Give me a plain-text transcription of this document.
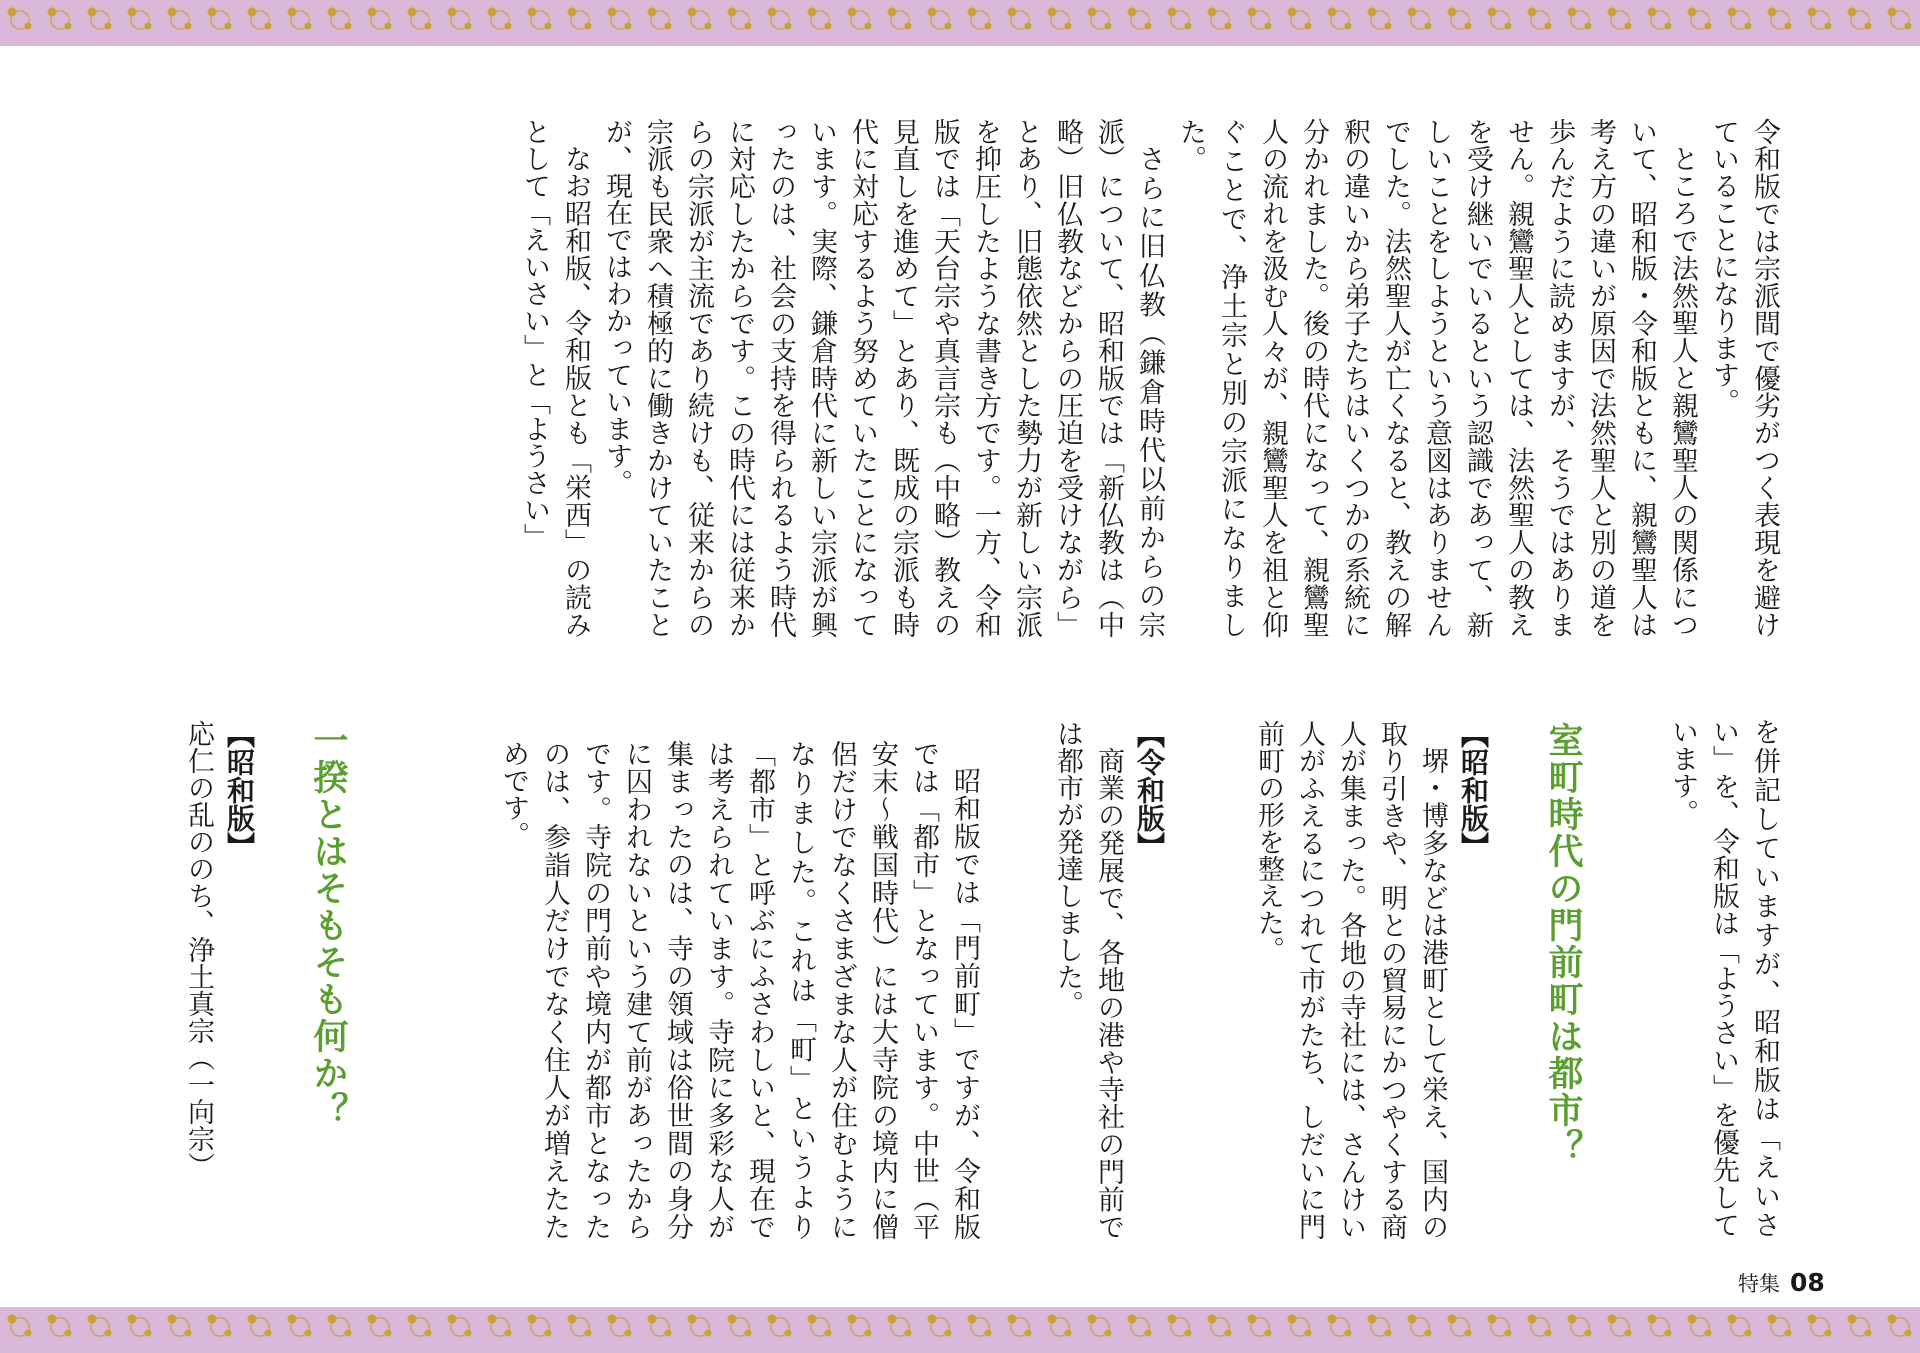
令和版では宗派間で優劣がつく表現を避けていることになります。

ところで法然聖人と親鸞聖人の関係について、昭和版・令和版ともに、親鸞聖人は考え方の違いが原因で法然聖人と別の道を歩んだように読めますが、そうではありません。親鸞聖人としては、法然聖人の教えを受け継いでいるという認識であって、新しいことをしようという意図はありませんでした。法然聖人が亡くなると、教えの解釈の違いから弟子たちはいくつかの系統に分かれました。後の時代になって、親鸞聖人の流れを汲む人々が、親鸞聖人を祖と仰ぐことで、浄土宗と別の宗派になりました。

さらに旧仏教（鎌倉時代以前からの宗派）について、昭和版では「新仏教は（中略）旧仏教などからの圧迫を受けながら」とあり、旧態依然とした勢力が新しい宗派を抑圧したような書き方です。一方、令和版では「天台宗や真言宗も（中略）教えの見直しを進めて」とあり、既成の宗派も時代に対応するよう努めていたことになっています。実際、鎌倉時代に新しい宗派が興ったのは、社会の支持を得られるよう時代に対応したからです。この時代には従来からの宗派が主流であり続けも、従来からの宗派も民衆へ積極的に働きかけていたことが、現在ではわかっています。

なお昭和版、令和版とも「栄西」の読みとして「えいさい」と「ようさい」

を併記していますが、昭和版は「えいさい」を、令和版は「ようさい」を優先しています。

室町時代の門前町は都市？

【昭和版】

堺・博多などは港町として栄え、国内の取り引きや、明との貿易にかつやくする商人が集まった。各地の寺社には、さんけい人がふえるにつれて市がたち、しだいに門前町の形を整えた。

【令和版】

商業の発展で、各地の港や寺社の門前では都市が発達しました。

昭和版では「門前町」ですが、令和版では「都市」となっています。中世（平安末～戦国時代）には大寺院の境内に僧侶だけでなくさまざまな人が住むようになりました。これは「町」というより「都市」と呼ぶにふさわしいと、現在では考えられています。寺院に多彩な人が集まったのは、寺の領域は俗世間の身分に囚われないという建て前があったからです。寺院の門前や境内が都市となったのは、参詣人だけでなく住人が増えたためです。

一揆とはそもそも何か？

【昭和版】

応仁の乱ののち、浄土真宗（一向宗）

特集 08
